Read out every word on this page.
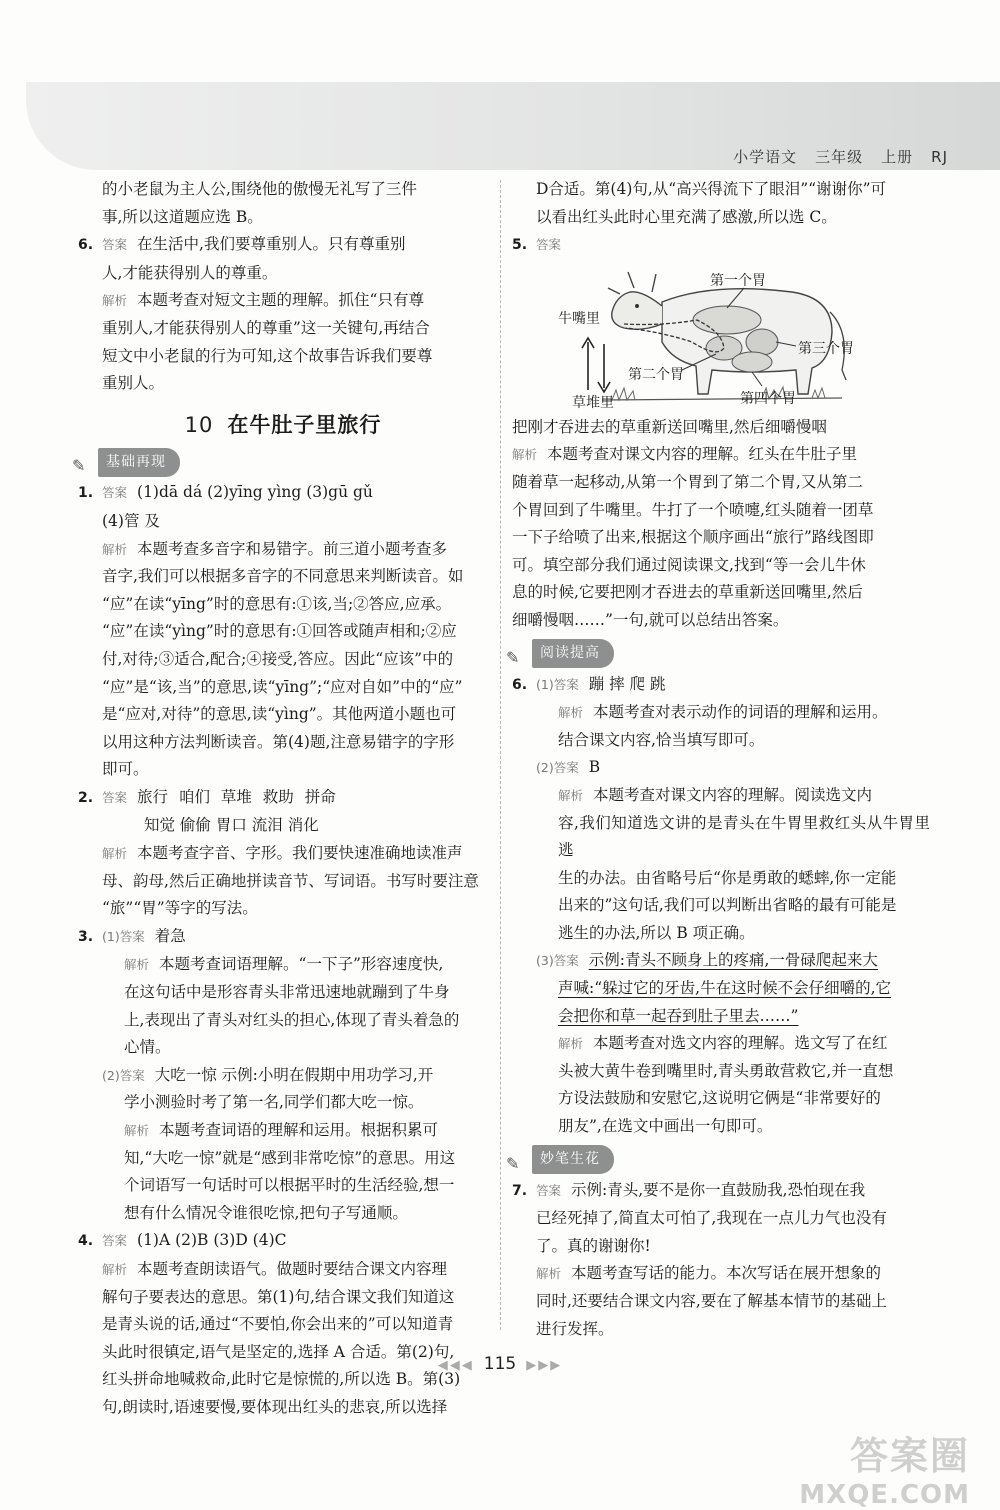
小学语文 三年级 上册 RJ

的小老鼠为主人公,围绕他的傲慢无礼写了三件

事,所以这道题应选 B。

6. 答案 在生活中,我们要尊重别人。只有尊重别

人,才能获得别人的尊重。

解析 本题考查对短文主题的理解。抓住“只有尊

重别人,才能获得别人的尊重”这一关键句,再结合

短文中小老鼠的行为可知,这个故事告诉我们要尊

重别人。

10 在牛肚子里旅行
✎	基础再现

1. 答案 (1)dā dá (2)yīng yìng (3)gū gǔ

(4)管 及

解析 本题考查多音字和易错字。前三道小题考查多

音字,我们可以根据多音字的不同意思来判断读音。如

“应”在读“yīng”时的意思有:①该,当;②答应,应承。

“应”在读“yìng”时的意思有:①回答或随声相和;②应

付,对待;③适合,配合;④接受,答应。因此“应该”中的

“应”是“该,当”的意思,读“yīng”;“应对自如”中的“应”

是“应对,对待”的意思,读“yìng”。其他两道小题也可

以用这种方法判断读音。第(4)题,注意易错字的字形

即可。

2. 答案 旅行 咱们 草堆 救助 拼命

知觉 偷偷 胃口 流泪 消化

解析 本题考查字音、字形。我们要快速准确地读准声

母、韵母,然后正确地拼读音节、写词语。书写时要注意

“旅”“胃”等字的写法。

3. (1)答案 着急

解析 本题考查词语理解。“一下子”形容速度快,

在这句话中是形容青头非常迅速地就蹦到了牛身

上,表现出了青头对红头的担心,体现了青头着急的

心情。

(2)答案 大吃一惊 示例:小明在假期中用功学习,开

学小测验时考了第一名,同学们都大吃一惊。

解析 本题考查词语的理解和运用。根据积累可

知,“大吃一惊”就是“感到非常吃惊”的意思。用这

个词语写一句话时可以根据平时的生活经验,想一

想有什么情况令谁很吃惊,把句子写通顺。

4. 答案 (1)A (2)B (3)D (4)C

解析 本题考查朗读语气。做题时要结合课文内容理

解句子要表达的意思。第(1)句,结合课文我们知道这

是青头说的话,通过“不要怕,你会出来的”可以知道青

头此时很镇定,语气是坚定的,选择 A 合适。第(2)句,

红头拼命地喊救命,此时它是惊慌的,所以选 B。第(3)

句,朗读时,语速要慢,要体现出红头的悲哀,所以选择

D合适。第(4)句,从“高兴得流下了眼泪”“谢谢你”可

以看出红头此时心里充满了感激,所以选 C。

5. 答案

第一个胃
牛嘴里
第三个胃
第二个胃
草堆里	第四个胃

把刚才吞进去的草重新送回嘴里,然后细嚼慢咽

解析 本题考查对课文内容的理解。红头在牛肚子里

随着草一起移动,从第一个胃到了第二个胃,又从第二

个胃回到了牛嘴里。牛打了一个喷嚏,红头随着一团草

一下子给喷了出来,根据这个顺序画出“旅行”路线图即

可。填空部分我们通过阅读课文,找到“等一会儿牛休

息的时候,它要把刚才吞进去的草重新送回嘴里,然后

细嚼慢咽……”一句,就可以总结出答案。

✎	阅读提高

6. (1)答案 蹦 摔 爬 跳

解析 本题考查对表示动作的词语的理解和运用。

结合课文内容,恰当填写即可。

(2)答案 B

解析 本题考查对课文内容的理解。阅读选文内

容,我们知道选文讲的是青头在牛胃里救红头从牛胃里逃

生的办法。由省略号后“你是勇敢的蟋蟀,你一定能

出来的”这句话,我们可以判断出省略的最有可能是

逃生的办法,所以 B 项正确。

(3)答案 示例:青头不顾身上的疼痛,一骨碌爬起来大

声喊:“躲过它的牙齿,牛在这时候不会仔细嚼的,它

会把你和草一起吞到肚子里去……”

解析 本题考查对选文内容的理解。选文写了在红

头被大黄牛卷到嘴里时,青头勇敢营救它,并一直想

方设法鼓励和安慰它,这说明它俩是“非常要好的

朋友”,在选文中画出一句即可。

✎	妙笔生花

7. 答案 示例:青头,要不是你一直鼓励我,恐怕现在我

已经死掉了,简直太可怕了,我现在一点儿力气也没有

了。真的谢谢你!

解析 本题考查写话的能力。本次写话在展开想象的

同时,还要结合课文内容,要在了解基本情节的基础上

进行发挥。

◀◀◀ 115 ▶▶▶
答案圈
MXQE.COM
